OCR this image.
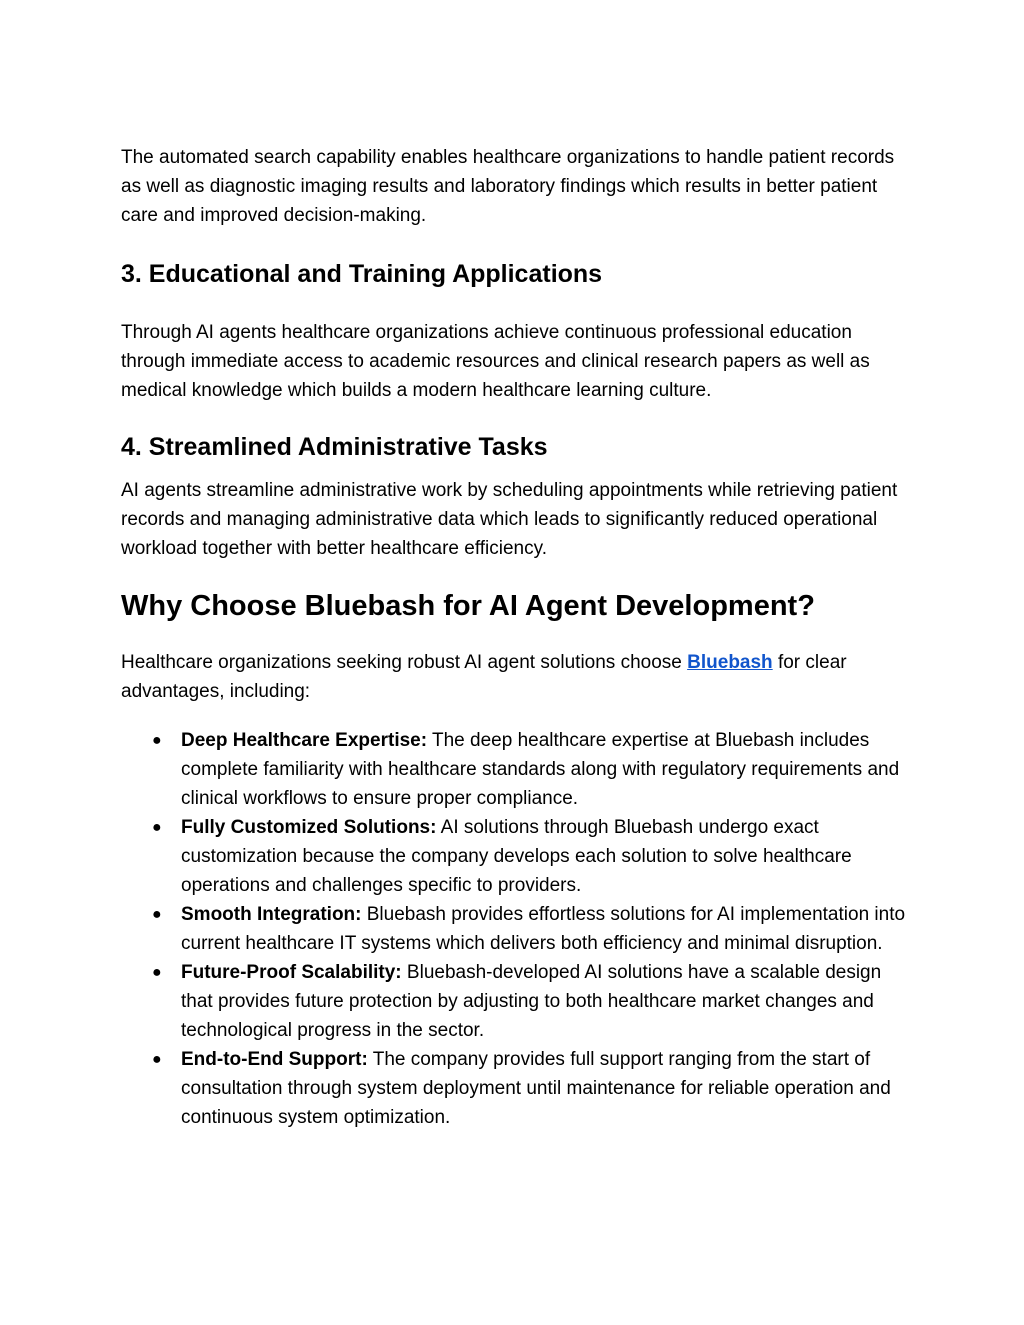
The automated search capability enables healthcare organizations to handle patient records as well as diagnostic imaging results and laboratory findings which results in better patient care and improved decision-making.

3. Educational and Training Applications

Through AI agents healthcare organizations achieve continuous professional education through immediate access to academic resources and clinical research papers as well as medical knowledge which builds a modern healthcare learning culture.

4. Streamlined Administrative Tasks

AI agents streamline administrative work by scheduling appointments while retrieving patient records and managing administrative data which leads to significantly reduced operational workload together with better healthcare efficiency.

Why Choose Bluebash for AI Agent Development?

Healthcare organizations seeking robust AI agent solutions choose Bluebash for clear advantages, including:

● Deep Healthcare Expertise: The deep healthcare expertise at Bluebash includes complete familiarity with healthcare standards along with regulatory requirements and clinical workflows to ensure proper compliance.
● Fully Customized Solutions: AI solutions through Bluebash undergo exact customization because the company develops each solution to solve healthcare operations and challenges specific to providers.
● Smooth Integration: Bluebash provides effortless solutions for AI implementation into current healthcare IT systems which delivers both efficiency and minimal disruption.
● Future-Proof Scalability: Bluebash-developed AI solutions have a scalable design that provides future protection by adjusting to both healthcare market changes and technological progress in the sector.
● End-to-End Support: The company provides full support ranging from the start of consultation through system deployment until maintenance for reliable operation and continuous system optimization.
